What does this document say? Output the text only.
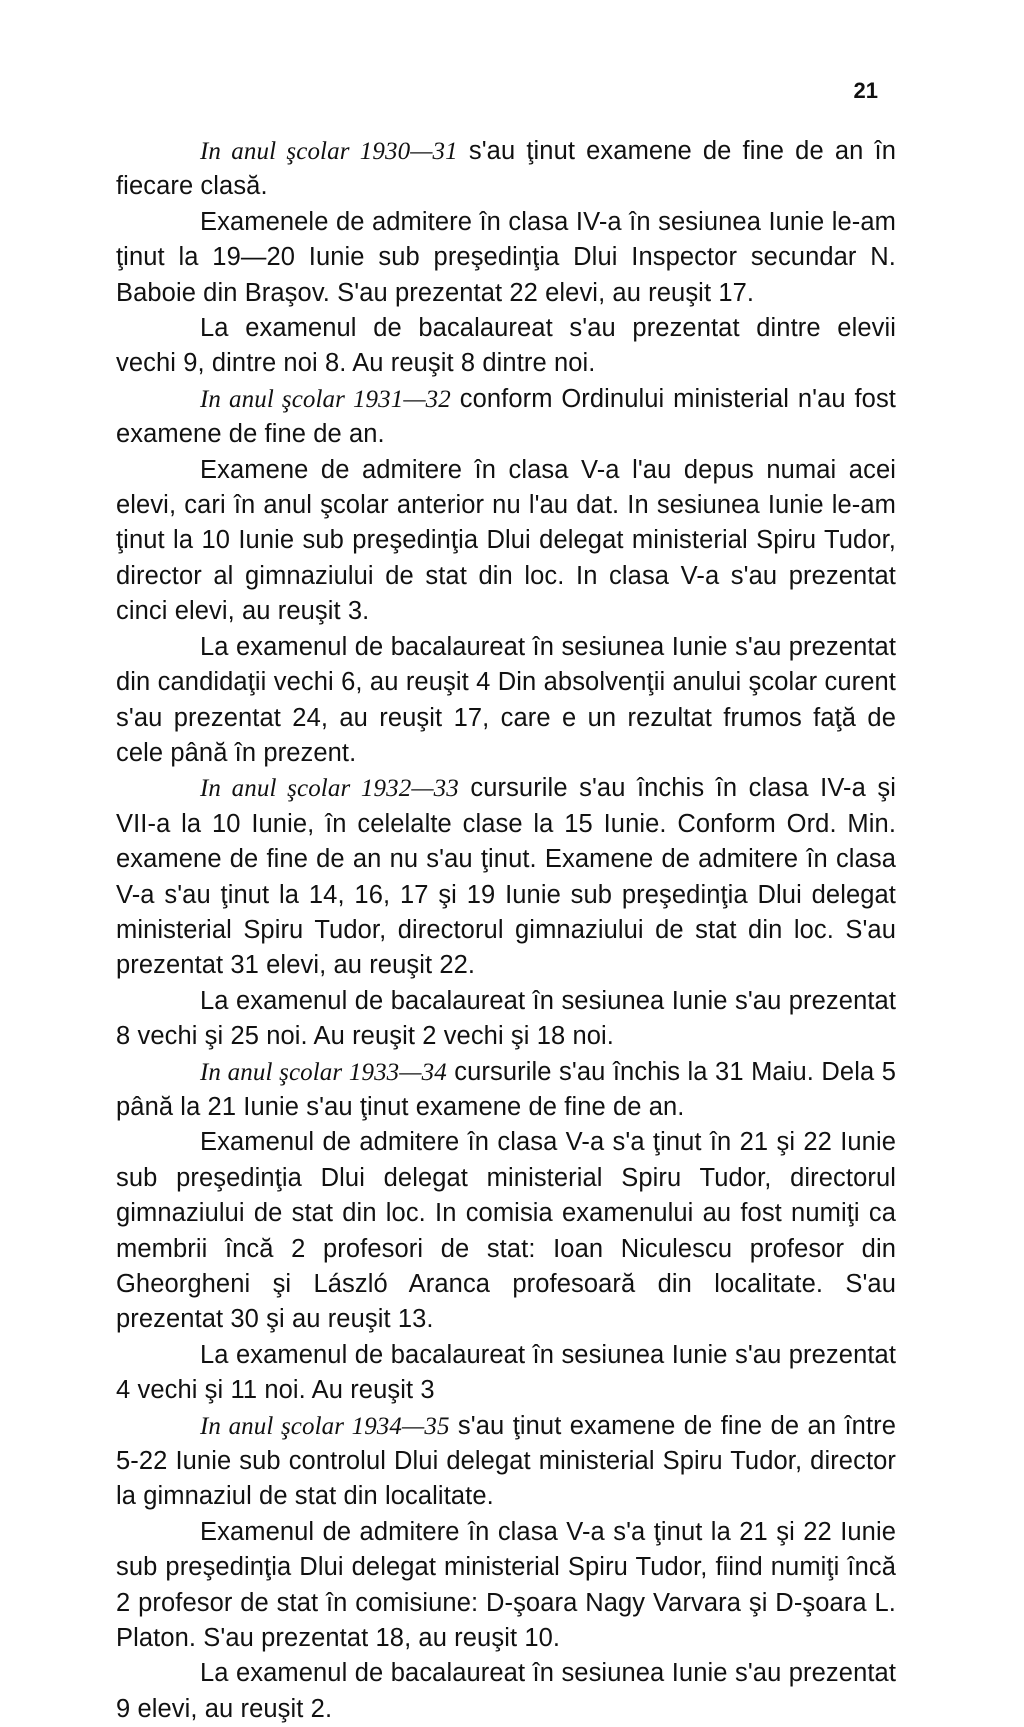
21

In anul şcolar 1930—31 s'au ţinut examene de fine de an în fiecare clasă.

Examenele de admitere în clasa IV-a în sesiunea Iunie le-am ţinut la 19—20 Iunie sub preşedinţia Dlui Inspector secundar N. Baboie din Braşov. S'au prezentat 22 elevi, au reuşit 17.

La examenul de bacalaureat s'au prezentat dintre elevii vechi 9, dintre noi 8. Au reuşit 8 dintre noi.

In anul şcolar 1931—32 conform Ordinului ministerial n'au fost examene de fine de an.

Examene de admitere în clasa V-a l'au depus numai acei elevi, cari în anul şcolar anterior nu l'au dat. In sesiunea Iunie le-am ţinut la 10 Iunie sub preşedinţia Dlui delegat ministerial Spiru Tudor, director al gimnaziului de stat din loc. In clasa V-a s'au prezentat cinci elevi, au reuşit 3.

La examenul de bacalaureat în sesiunea Iunie s'au prezentat din candidaţii vechi 6, au reuşit 4 Din absolvenţii anului şcolar curent s'au prezentat 24, au reuşit 17, care e un rezultat frumos faţă de cele până în prezent.

In anul şcolar 1932—33 cursurile s'au închis în clasa IV-a şi VII-a la 10 Iunie, în celelalte clase la 15 Iunie. Conform Ord. Min. examene de fine de an nu s'au ţinut. Examene de admitere în clasa V-a s'au ţinut la 14, 16, 17 şi 19 Iunie sub preşedinţia Dlui delegat ministerial Spiru Tudor, directorul gimnaziului de stat din loc. S'au prezentat 31 elevi, au reuşit 22.

La examenul de bacalaureat în sesiunea Iunie s'au prezentat 8 vechi şi 25 noi. Au reuşit 2 vechi şi 18 noi.

In anul şcolar 1933—34 cursurile s'au închis la 31 Maiu. Dela 5 până la 21 Iunie s'au ţinut examene de fine de an.

Examenul de admitere în clasa V-a s'a ţinut în 21 şi 22 Iunie sub preşedinţia Dlui delegat ministerial Spiru Tudor, directorul gimnaziului de stat din loc. In comisia examenului au fost numiţi ca membrii încă 2 profesori de stat: Ioan Niculescu profesor din Gheorgheni şi László Aranca profesoară din localitate. S'au prezentat 30 şi au reuşit 13.

La examenul de bacalaureat în sesiunea Iunie s'au prezentat 4 vechi şi 11 noi. Au reuşit 3

In anul şcolar 1934—35 s'au ţinut examene de fine de an între 5-22 Iunie sub controlul Dlui delegat ministerial Spiru Tudor, director la gimnaziul de stat din localitate.

Examenul de admitere în clasa V-a s'a ţinut la 21 şi 22 Iunie sub preşedinţia Dlui delegat ministerial Spiru Tudor, fiind numiţi încă 2 profesor de stat în comisiune: D-şoara Nagy Varvara şi D-şoara L. Platon. S'au prezentat 18, au reuşit 10.

La examenul de bacalaureat în sesiunea Iunie s'au prezentat 9 elevi, au reuşit 2.
